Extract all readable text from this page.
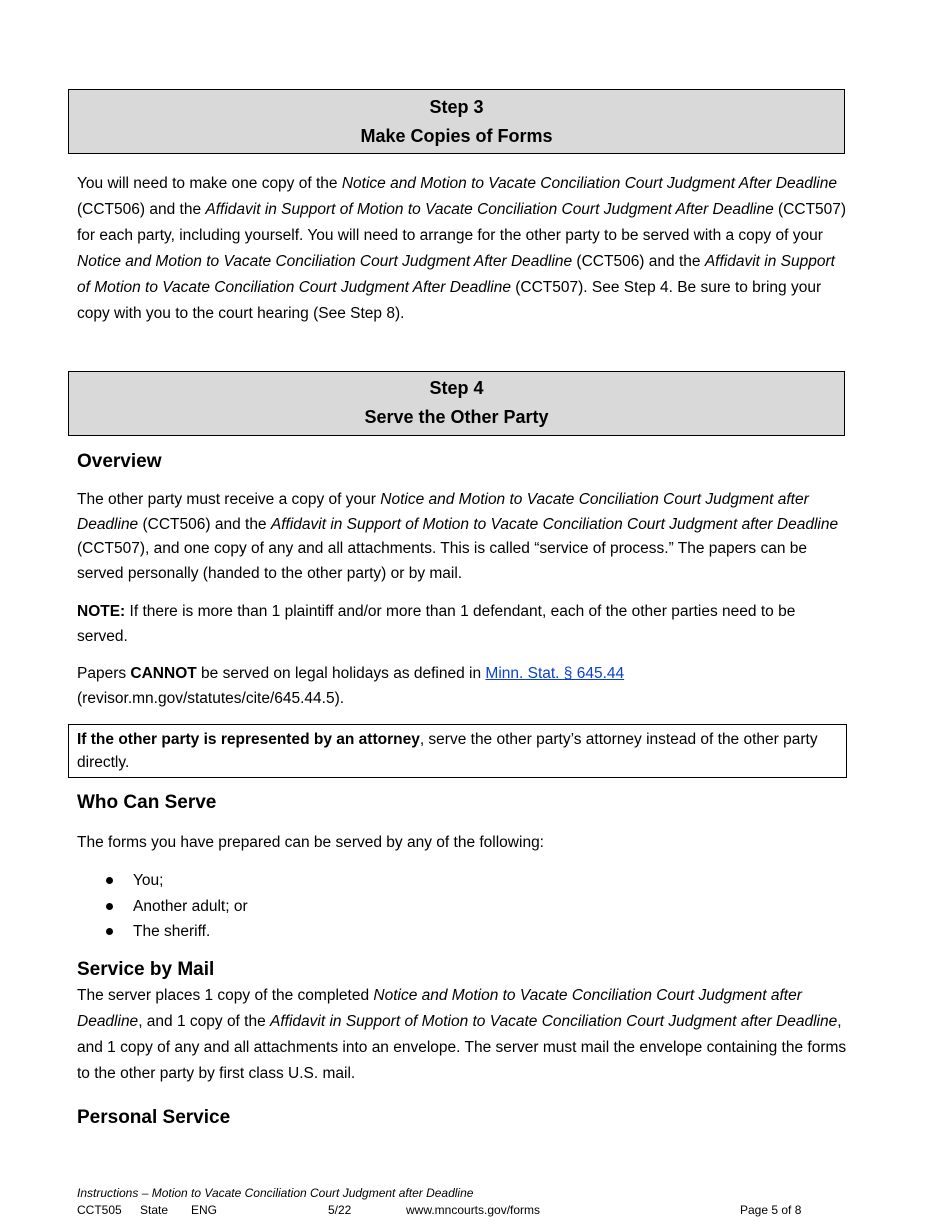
Step 3
Make Copies of Forms
You will need to make one copy of the Notice and Motion to Vacate Conciliation Court Judgment After Deadline (CCT506) and the Affidavit in Support of Motion to Vacate Conciliation Court Judgment After Deadline (CCT507) for each party, including yourself. You will need to arrange for the other party to be served with a copy of your Notice and Motion to Vacate Conciliation Court Judgment After Deadline (CCT506) and the Affidavit in Support of Motion to Vacate Conciliation Court Judgment After Deadline (CCT507). See Step 4. Be sure to bring your copy with you to the court hearing (See Step 8).
Step 4
Serve the Other Party
Overview
The other party must receive a copy of your Notice and Motion to Vacate Conciliation Court Judgment after Deadline (CCT506) and the Affidavit in Support of Motion to Vacate Conciliation Court Judgment after Deadline (CCT507), and one copy of any and all attachments. This is called “service of process.” The papers can be served personally (handed to the other party) or by mail.
NOTE: If there is more than 1 plaintiff and/or more than 1 defendant, each of the other parties need to be served.
Papers CANNOT be served on legal holidays as defined in Minn. Stat. § 645.44
(revisor.mn.gov/statutes/cite/645.44.5).
If the other party is represented by an attorney, serve the other party’s attorney instead of the other party directly.
Who Can Serve
The forms you have prepared can be served by any of the following:
You;
Another adult; or
The sheriff.
Service by Mail
The server places 1 copy of the completed Notice and Motion to Vacate Conciliation Court Judgment after Deadline, and 1 copy of the Affidavit in Support of Motion to Vacate Conciliation Court Judgment after Deadline, and 1 copy of any and all attachments into an envelope. The server must mail the envelope containing the forms to the other party by first class U.S. mail.
Personal Service
Instructions – Motion to Vacate Conciliation Court Judgment after Deadline
CCT505 State ENG	5/22	www.mncourts.gov/forms	Page 5 of 8
